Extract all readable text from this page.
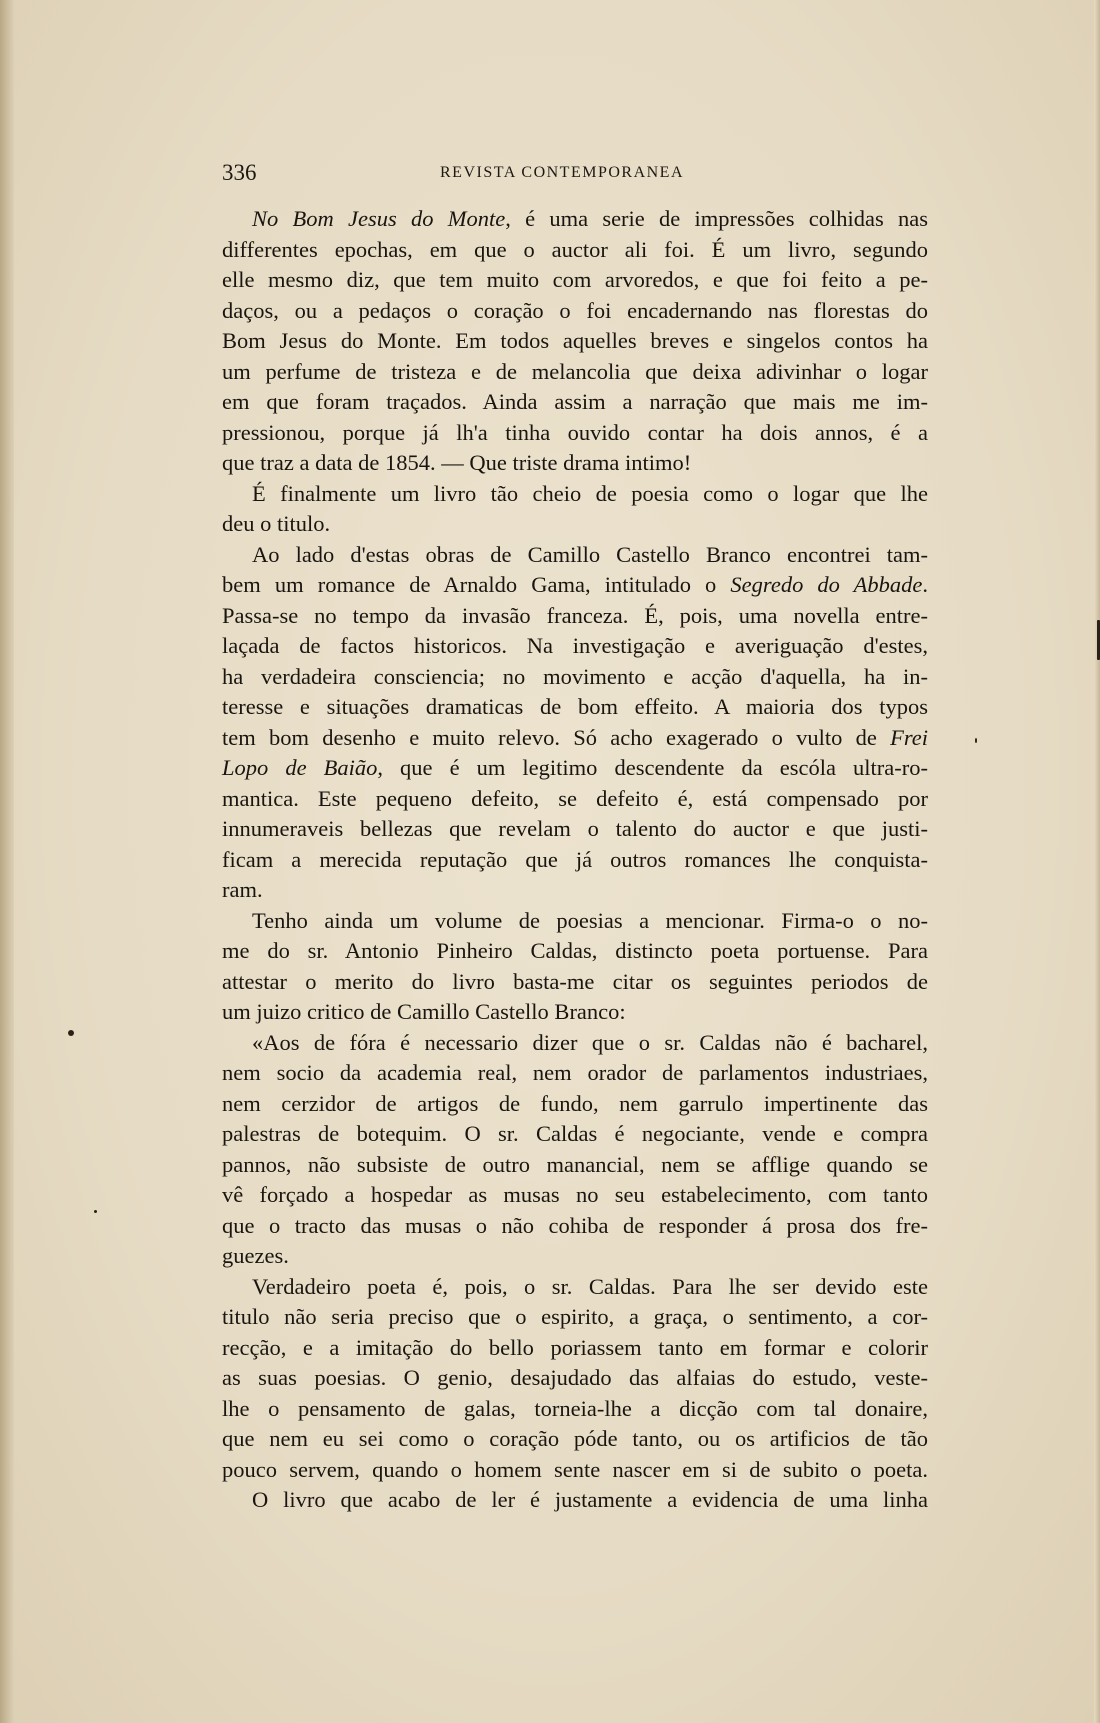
336	REVISTA CONTEMPORANEA
No Bom Jesus do Monte, é uma serie de impressões colhidas nas
differentes epochas, em que o auctor ali foi. É um livro, segundo
elle mesmo diz, que tem muito com arvoredos, e que foi feito a pe-
daços, ou a pedaços o coração o foi encadernando nas florestas do
Bom Jesus do Monte. Em todos aquelles breves e singelos contos ha
um perfume de tristeza e de melancolia que deixa adivinhar o logar
em que foram traçados. Ainda assim a narração que mais me im-
pressionou, porque já lh'a tinha ouvido contar ha dois annos, é a
que traz a data de 1854. — Que triste drama intimo!
É finalmente um livro tão cheio de poesia como o logar que lhe
deu o titulo.
Ao lado d'estas obras de Camillo Castello Branco encontrei tam-
bem um romance de Arnaldo Gama, intitulado o Segredo do Abbade.
Passa-se no tempo da invasão franceza. É, pois, uma novella entre-
laçada de factos historicos. Na investigação e averiguação d'estes,
ha verdadeira consciencia; no movimento e acção d'aquella, ha in-
teresse e situações dramaticas de bom effeito. A maioria dos typos
tem bom desenho e muito relevo. Só acho exagerado o vulto de Frei
Lopo de Baião, que é um legitimo descendente da escóla ultra-ro-
mantica. Este pequeno defeito, se defeito é, está compensado por
innumeraveis bellezas que revelam o talento do auctor e que justi-
ficam a merecida reputação que já outros romances lhe conquista-
ram.
Tenho ainda um volume de poesias a mencionar. Firma-o o no-
me do sr. Antonio Pinheiro Caldas, distincto poeta portuense. Para
attestar o merito do livro basta-me citar os seguintes periodos de
um juizo critico de Camillo Castello Branco:
«Aos de fóra é necessario dizer que o sr. Caldas não é bacharel,
nem socio da academia real, nem orador de parlamentos industriaes,
nem cerzidor de artigos de fundo, nem garrulo impertinente das
palestras de botequim. O sr. Caldas é negociante, vende e compra
pannos, não subsiste de outro manancial, nem se afflige quando se
vê forçado a hospedar as musas no seu estabelecimento, com tanto
que o tracto das musas o não cohiba de responder á prosa dos fre-
guezes.
Verdadeiro poeta é, pois, o sr. Caldas. Para lhe ser devido este
titulo não seria preciso que o espirito, a graça, o sentimento, a cor-
recção, e a imitação do bello poriassem tanto em formar e colorir
as suas poesias. O genio, desajudado das alfaias do estudo, veste-
lhe o pensamento de galas, torneia-lhe a dicção com tal donaire,
que nem eu sei como o coração póde tanto, ou os artificios de tão
pouco servem, quando o homem sente nascer em si de subito o poeta.
O livro que acabo de ler é justamente a evidencia de uma linha
